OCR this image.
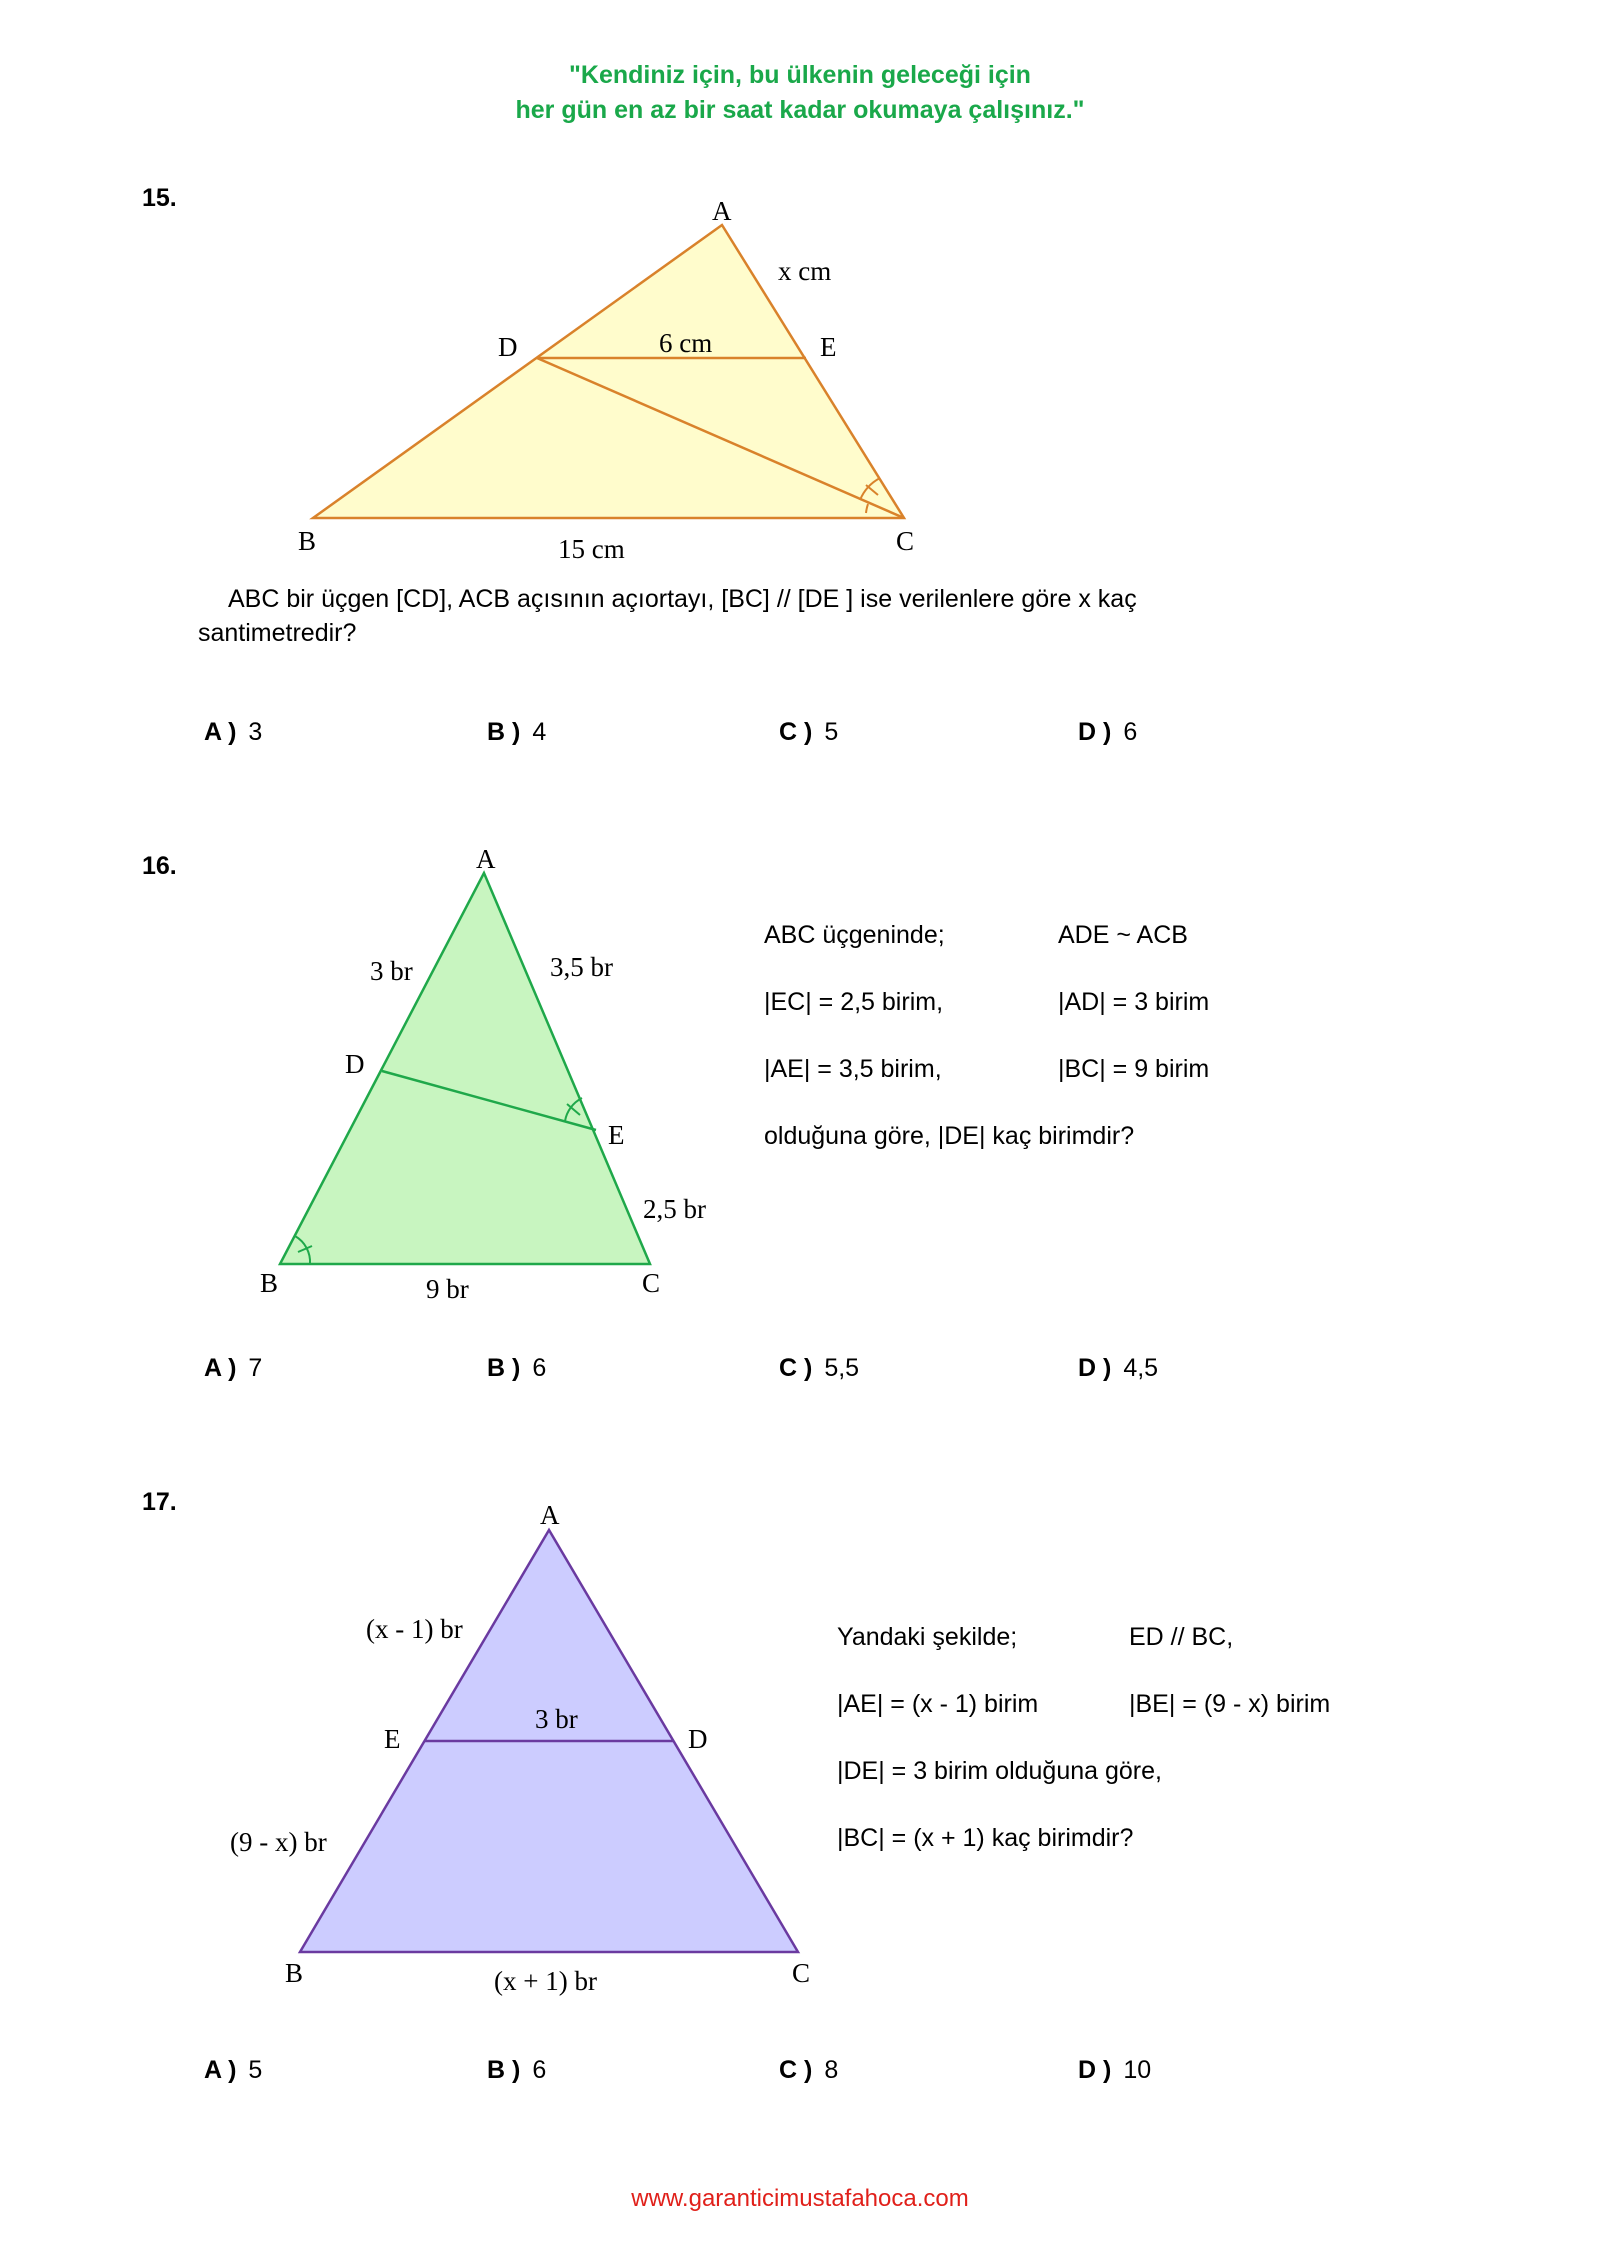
"Kendiniz için, bu ülkenin geleceği için
her gün en az bir saat kadar okumaya çalışınız."
15.	A
B	C
D	E
x cm
6 cm
15 cm
ABC bir üçgen [CD], ACB açısının açıortayı, [BC] // [DE ] ise verilenlere göre x kaç
santimetredir?
A ) 3	B ) 4	C ) 5	D ) 6
16.	A
B	C
D
E
3 br	3,5 br
2,5 br
9 br
ABC üçgeninde;	ADE ~ ACB
|EC| = 2,5 birim,	|AD| = 3 birim
|AE| = 3,5 birim,	|BC| = 9 birim
olduğuna göre, |DE| kaç birimdir?
A ) 7	B ) 6	C ) 5,5	D ) 4,5
17.	A
B	C
D
E
(x - 1) br
3 br
(9 - x) br
(x + 1) br
Yandaki şekilde;	ED // BC,
|AE| = (x - 1) birim	|BE| = (9 - x) birim
|DE| = 3 birim olduğuna göre,
|BC| = (x + 1) kaç birimdir?
A ) 5	B ) 6	C ) 8	D ) 10
www.garanticimustafahoca.com
